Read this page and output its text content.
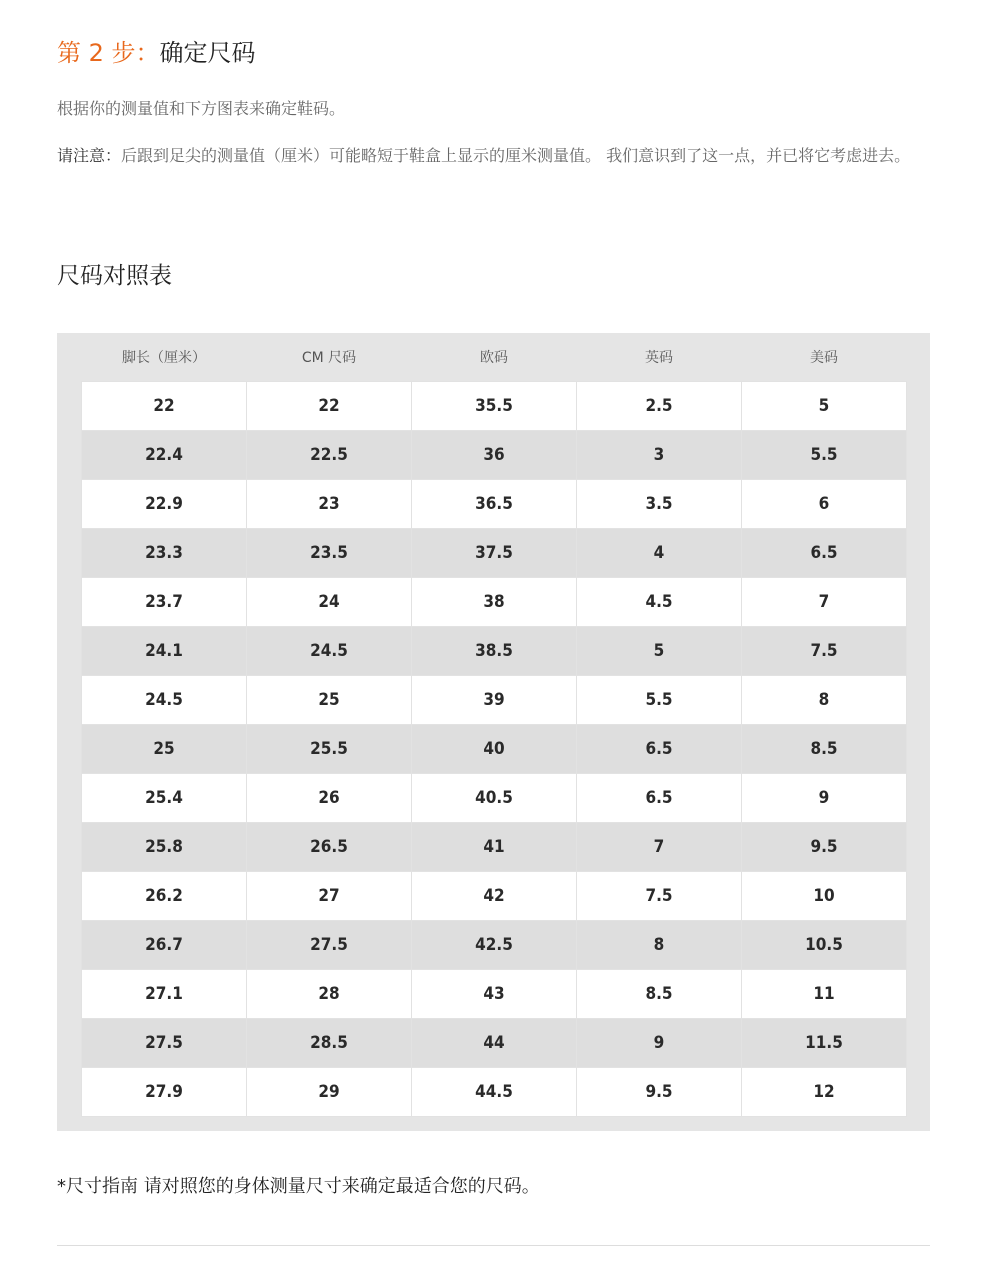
第 2 步：确定尺码
根据你的测量值和下方图表来确定鞋码。
请注意：后跟到足尖的测量值（厘米）可能略短于鞋盒上显示的厘米测量值。 我们意识到了这一点，并已将它考虑进去。
尺码对照表
脚长（厘米）	CM 尺码	欧码	英码	美码
22	22	35.5	2.5	5
22.4	22.5	36	3	5.5
22.9	23	36.5	3.5	6
23.3	23.5	37.5	4	6.5
23.7	24	38	4.5	7
24.1	24.5	38.5	5	7.5
24.5	25	39	5.5	8
25	25.5	40	6.5	8.5
25.4	26	40.5	6.5	9
25.8	26.5	41	7	9.5
26.2	27	42	7.5	10
26.7	27.5	42.5	8	10.5
27.1	28	43	8.5	11
27.5	28.5	44	9	11.5
27.9	29	44.5	9.5	12
*尺寸指南 请对照您的身体测量尺寸来确定最适合您的尺码。
